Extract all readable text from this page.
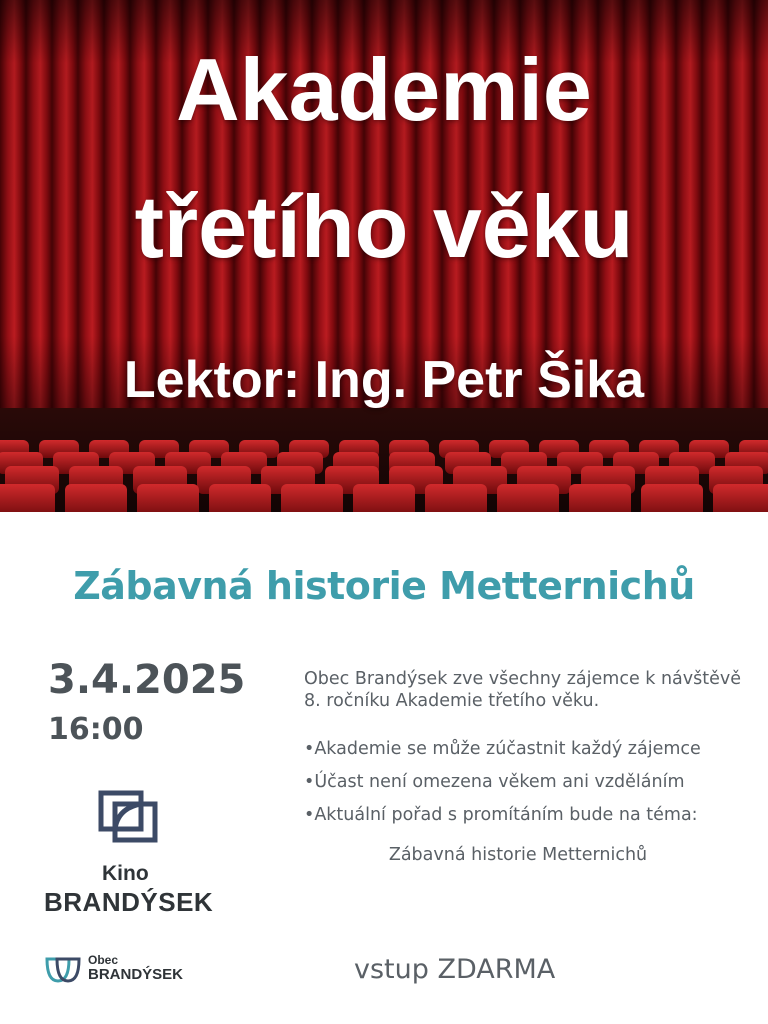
Akademie
třetího věku
Lektor: Ing. Petr Šika
Zábavná historie Metternichů
3.4.2025
16:00

Obec Brandýsek zve všechny zájemce k návštěvě 8. ročníku Akademie třetího věku.

•Akademie se může zúčastnit každý zájemce

•Účast není omezena věkem ani vzděláním

•Aktuální pořad s promítáním bude na téma:

Zábavná historie Metternichů
Kino
BRANDÝSEK
Obec
BRANDÝSEK	vstup ZDARMA
